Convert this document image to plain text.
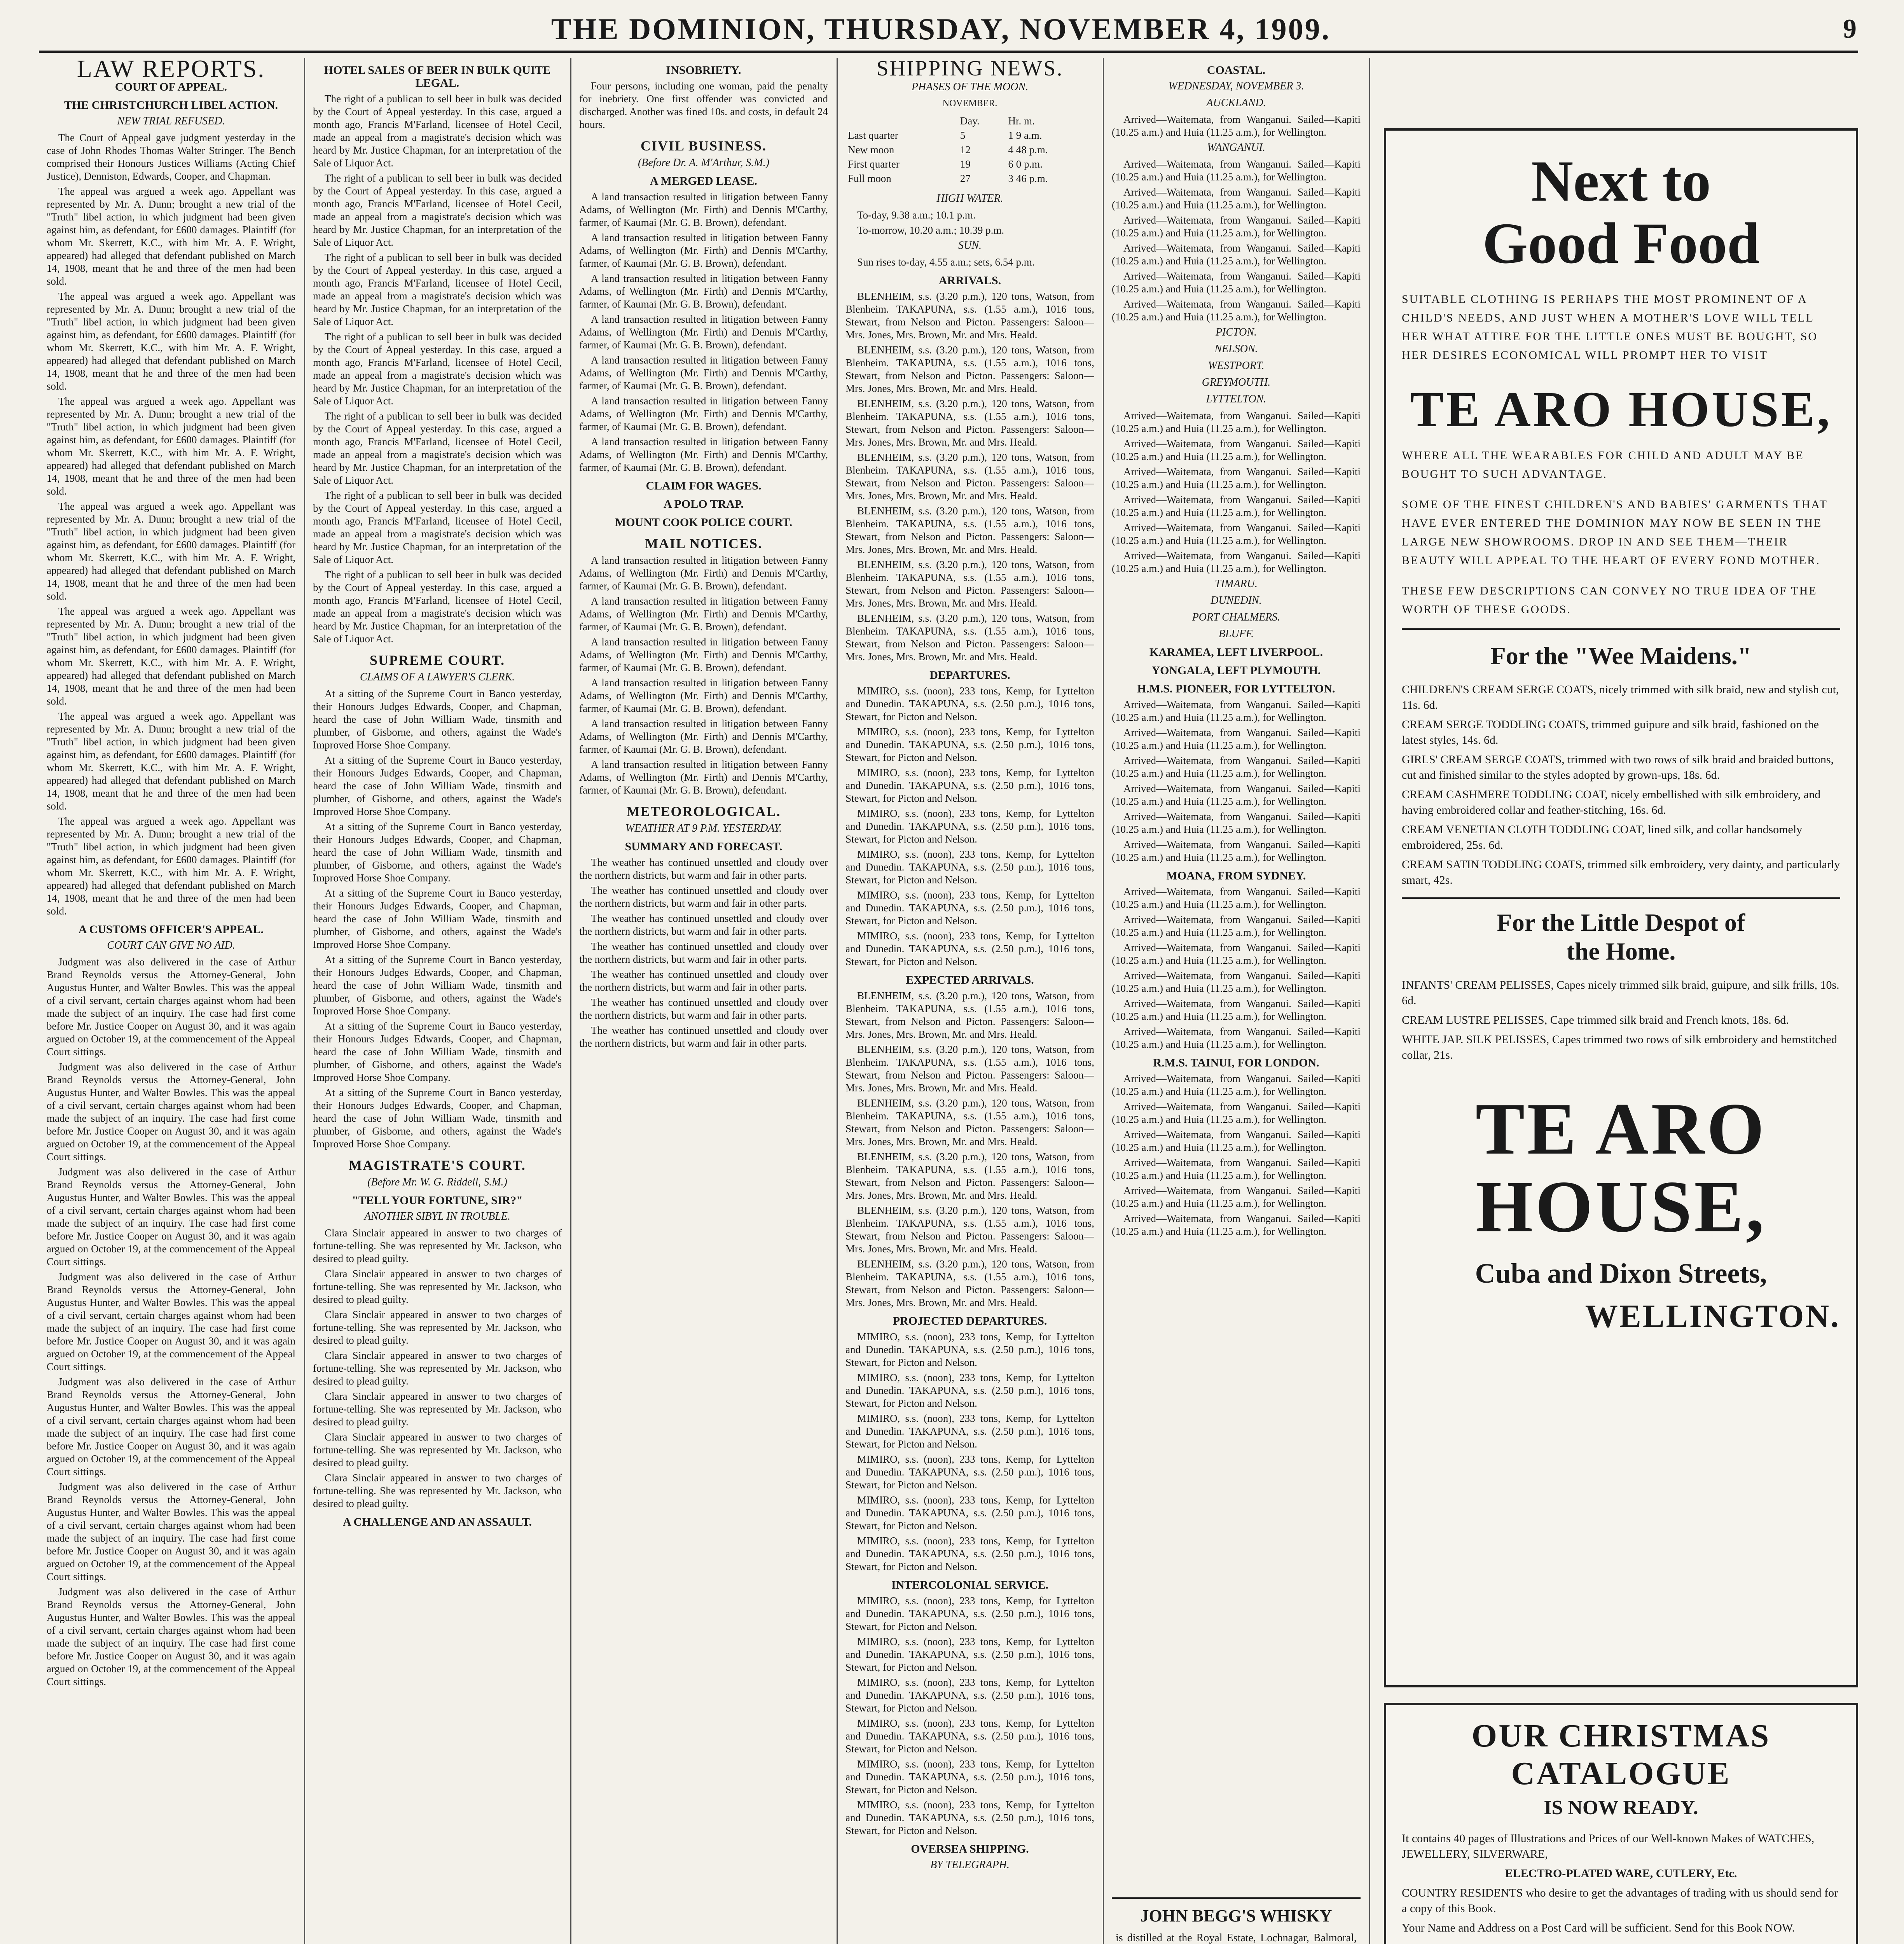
THE DOMINION, THURSDAY, NOVEMBER 4, 1909.	9
LAW REPORTS.
COURT OF APPEAL.
THE CHRISTCHURCH LIBEL ACTION.
NEW TRIAL REFUSED.

The Court of Appeal gave judgment yesterday in the case of John Rhodes Thomas Walter Stringer. The Bench comprised their Honours Justices Williams (Acting Chief Justice), Denniston, Edwards, Cooper, and Chapman.

The appeal was argued a week ago. Appellant was represented by Mr. A. Dunn; brought a new trial of the "Truth" libel action, in which judgment had been given against him, as defendant, for £600 damages. Plaintiff (for whom Mr. Skerrett, K.C., with him Mr. A. F. Wright, appeared) had alleged that defendant published on March 14, 1908, meant that he and three of the men had been sold.

The appeal was argued a week ago. Appellant was represented by Mr. A. Dunn; brought a new trial of the "Truth" libel action, in which judgment had been given against him, as defendant, for £600 damages. Plaintiff (for whom Mr. Skerrett, K.C., with him Mr. A. F. Wright, appeared) had alleged that defendant published on March 14, 1908, meant that he and three of the men had been sold.

The appeal was argued a week ago. Appellant was represented by Mr. A. Dunn; brought a new trial of the "Truth" libel action, in which judgment had been given against him, as defendant, for £600 damages. Plaintiff (for whom Mr. Skerrett, K.C., with him Mr. A. F. Wright, appeared) had alleged that defendant published on March 14, 1908, meant that he and three of the men had been sold.

The appeal was argued a week ago. Appellant was represented by Mr. A. Dunn; brought a new trial of the "Truth" libel action, in which judgment had been given against him, as defendant, for £600 damages. Plaintiff (for whom Mr. Skerrett, K.C., with him Mr. A. F. Wright, appeared) had alleged that defendant published on March 14, 1908, meant that he and three of the men had been sold.

The appeal was argued a week ago. Appellant was represented by Mr. A. Dunn; brought a new trial of the "Truth" libel action, in which judgment had been given against him, as defendant, for £600 damages. Plaintiff (for whom Mr. Skerrett, K.C., with him Mr. A. F. Wright, appeared) had alleged that defendant published on March 14, 1908, meant that he and three of the men had been sold.

The appeal was argued a week ago. Appellant was represented by Mr. A. Dunn; brought a new trial of the "Truth" libel action, in which judgment had been given against him, as defendant, for £600 damages. Plaintiff (for whom Mr. Skerrett, K.C., with him Mr. A. F. Wright, appeared) had alleged that defendant published on March 14, 1908, meant that he and three of the men had been sold.

The appeal was argued a week ago. Appellant was represented by Mr. A. Dunn; brought a new trial of the "Truth" libel action, in which judgment had been given against him, as defendant, for £600 damages. Plaintiff (for whom Mr. Skerrett, K.C., with him Mr. A. F. Wright, appeared) had alleged that defendant published on March 14, 1908, meant that he and three of the men had been sold.

A CUSTOMS OFFICER'S APPEAL.
COURT CAN GIVE NO AID.

Judgment was also delivered in the case of Arthur Brand Reynolds versus the Attorney-General, John Augustus Hunter, and Walter Bowles. This was the appeal of a civil servant, certain charges against whom had been made the subject of an inquiry. The case had first come before Mr. Justice Cooper on August 30, and it was again argued on October 19, at the commencement of the Appeal Court sittings.

Judgment was also delivered in the case of Arthur Brand Reynolds versus the Attorney-General, John Augustus Hunter, and Walter Bowles. This was the appeal of a civil servant, certain charges against whom had been made the subject of an inquiry. The case had first come before Mr. Justice Cooper on August 30, and it was again argued on October 19, at the commencement of the Appeal Court sittings.

Judgment was also delivered in the case of Arthur Brand Reynolds versus the Attorney-General, John Augustus Hunter, and Walter Bowles. This was the appeal of a civil servant, certain charges against whom had been made the subject of an inquiry. The case had first come before Mr. Justice Cooper on August 30, and it was again argued on October 19, at the commencement of the Appeal Court sittings.

Judgment was also delivered in the case of Arthur Brand Reynolds versus the Attorney-General, John Augustus Hunter, and Walter Bowles. This was the appeal of a civil servant, certain charges against whom had been made the subject of an inquiry. The case had first come before Mr. Justice Cooper on August 30, and it was again argued on October 19, at the commencement of the Appeal Court sittings.

Judgment was also delivered in the case of Arthur Brand Reynolds versus the Attorney-General, John Augustus Hunter, and Walter Bowles. This was the appeal of a civil servant, certain charges against whom had been made the subject of an inquiry. The case had first come before Mr. Justice Cooper on August 30, and it was again argued on October 19, at the commencement of the Appeal Court sittings.

Judgment was also delivered in the case of Arthur Brand Reynolds versus the Attorney-General, John Augustus Hunter, and Walter Bowles. This was the appeal of a civil servant, certain charges against whom had been made the subject of an inquiry. The case had first come before Mr. Justice Cooper on August 30, and it was again argued on October 19, at the commencement of the Appeal Court sittings.

Judgment was also delivered in the case of Arthur Brand Reynolds versus the Attorney-General, John Augustus Hunter, and Walter Bowles. This was the appeal of a civil servant, certain charges against whom had been made the subject of an inquiry. The case had first come before Mr. Justice Cooper on August 30, and it was again argued on October 19, at the commencement of the Appeal Court sittings.

HOTEL SALES OF BEER IN BULK QUITE LEGAL.

The right of a publican to sell beer in bulk was decided by the Court of Appeal yesterday. In this case, argued a month ago, Francis M'Farland, licensee of Hotel Cecil, made an appeal from a magistrate's decision which was heard by Mr. Justice Chapman, for an interpretation of the Sale of Liquor Act.

The right of a publican to sell beer in bulk was decided by the Court of Appeal yesterday. In this case, argued a month ago, Francis M'Farland, licensee of Hotel Cecil, made an appeal from a magistrate's decision which was heard by Mr. Justice Chapman, for an interpretation of the Sale of Liquor Act.

The right of a publican to sell beer in bulk was decided by the Court of Appeal yesterday. In this case, argued a month ago, Francis M'Farland, licensee of Hotel Cecil, made an appeal from a magistrate's decision which was heard by Mr. Justice Chapman, for an interpretation of the Sale of Liquor Act.

The right of a publican to sell beer in bulk was decided by the Court of Appeal yesterday. In this case, argued a month ago, Francis M'Farland, licensee of Hotel Cecil, made an appeal from a magistrate's decision which was heard by Mr. Justice Chapman, for an interpretation of the Sale of Liquor Act.

The right of a publican to sell beer in bulk was decided by the Court of Appeal yesterday. In this case, argued a month ago, Francis M'Farland, licensee of Hotel Cecil, made an appeal from a magistrate's decision which was heard by Mr. Justice Chapman, for an interpretation of the Sale of Liquor Act.

The right of a publican to sell beer in bulk was decided by the Court of Appeal yesterday. In this case, argued a month ago, Francis M'Farland, licensee of Hotel Cecil, made an appeal from a magistrate's decision which was heard by Mr. Justice Chapman, for an interpretation of the Sale of Liquor Act.

The right of a publican to sell beer in bulk was decided by the Court of Appeal yesterday. In this case, argued a month ago, Francis M'Farland, licensee of Hotel Cecil, made an appeal from a magistrate's decision which was heard by Mr. Justice Chapman, for an interpretation of the Sale of Liquor Act.

SUPREME COURT.
CLAIMS OF A LAWYER'S CLERK.

At a sitting of the Supreme Court in Banco yesterday, their Honours Judges Edwards, Cooper, and Chapman, heard the case of John William Wade, tinsmith and plumber, of Gisborne, and others, against the Wade's Improved Horse Shoe Company.

At a sitting of the Supreme Court in Banco yesterday, their Honours Judges Edwards, Cooper, and Chapman, heard the case of John William Wade, tinsmith and plumber, of Gisborne, and others, against the Wade's Improved Horse Shoe Company.

At a sitting of the Supreme Court in Banco yesterday, their Honours Judges Edwards, Cooper, and Chapman, heard the case of John William Wade, tinsmith and plumber, of Gisborne, and others, against the Wade's Improved Horse Shoe Company.

At a sitting of the Supreme Court in Banco yesterday, their Honours Judges Edwards, Cooper, and Chapman, heard the case of John William Wade, tinsmith and plumber, of Gisborne, and others, against the Wade's Improved Horse Shoe Company.

At a sitting of the Supreme Court in Banco yesterday, their Honours Judges Edwards, Cooper, and Chapman, heard the case of John William Wade, tinsmith and plumber, of Gisborne, and others, against the Wade's Improved Horse Shoe Company.

At a sitting of the Supreme Court in Banco yesterday, their Honours Judges Edwards, Cooper, and Chapman, heard the case of John William Wade, tinsmith and plumber, of Gisborne, and others, against the Wade's Improved Horse Shoe Company.

At a sitting of the Supreme Court in Banco yesterday, their Honours Judges Edwards, Cooper, and Chapman, heard the case of John William Wade, tinsmith and plumber, of Gisborne, and others, against the Wade's Improved Horse Shoe Company.

MAGISTRATE'S COURT.
(Before Mr. W. G. Riddell, S.M.)
"TELL YOUR FORTUNE, SIR?"
ANOTHER SIBYL IN TROUBLE.

Clara Sinclair appeared in answer to two charges of fortune-telling. She was represented by Mr. Jackson, who desired to plead guilty.

Clara Sinclair appeared in answer to two charges of fortune-telling. She was represented by Mr. Jackson, who desired to plead guilty.

Clara Sinclair appeared in answer to two charges of fortune-telling. She was represented by Mr. Jackson, who desired to plead guilty.

Clara Sinclair appeared in answer to two charges of fortune-telling. She was represented by Mr. Jackson, who desired to plead guilty.

Clara Sinclair appeared in answer to two charges of fortune-telling. She was represented by Mr. Jackson, who desired to plead guilty.

Clara Sinclair appeared in answer to two charges of fortune-telling. She was represented by Mr. Jackson, who desired to plead guilty.

Clara Sinclair appeared in answer to two charges of fortune-telling. She was represented by Mr. Jackson, who desired to plead guilty.

A CHALLENGE AND AN ASSAULT.
INSOBRIETY.

Four persons, including one woman, paid the penalty for inebriety. One first offender was convicted and discharged. Another was fined 10s. and costs, in default 24 hours.

CIVIL BUSINESS.
(Before Dr. A. M'Arthur, S.M.)
A MERGED LEASE.

A land transaction resulted in litigation between Fanny Adams, of Wellington (Mr. Firth) and Dennis M'Carthy, farmer, of Kaumai (Mr. G. B. Brown), defendant.

A land transaction resulted in litigation between Fanny Adams, of Wellington (Mr. Firth) and Dennis M'Carthy, farmer, of Kaumai (Mr. G. B. Brown), defendant.

A land transaction resulted in litigation between Fanny Adams, of Wellington (Mr. Firth) and Dennis M'Carthy, farmer, of Kaumai (Mr. G. B. Brown), defendant.

A land transaction resulted in litigation between Fanny Adams, of Wellington (Mr. Firth) and Dennis M'Carthy, farmer, of Kaumai (Mr. G. B. Brown), defendant.

A land transaction resulted in litigation between Fanny Adams, of Wellington (Mr. Firth) and Dennis M'Carthy, farmer, of Kaumai (Mr. G. B. Brown), defendant.

A land transaction resulted in litigation between Fanny Adams, of Wellington (Mr. Firth) and Dennis M'Carthy, farmer, of Kaumai (Mr. G. B. Brown), defendant.

A land transaction resulted in litigation between Fanny Adams, of Wellington (Mr. Firth) and Dennis M'Carthy, farmer, of Kaumai (Mr. G. B. Brown), defendant.

CLAIM FOR WAGES.
A POLO TRAP.
MOUNT COOK POLICE COURT.
MAIL NOTICES.

A land transaction resulted in litigation between Fanny Adams, of Wellington (Mr. Firth) and Dennis M'Carthy, farmer, of Kaumai (Mr. G. B. Brown), defendant.

A land transaction resulted in litigation between Fanny Adams, of Wellington (Mr. Firth) and Dennis M'Carthy, farmer, of Kaumai (Mr. G. B. Brown), defendant.

A land transaction resulted in litigation between Fanny Adams, of Wellington (Mr. Firth) and Dennis M'Carthy, farmer, of Kaumai (Mr. G. B. Brown), defendant.

A land transaction resulted in litigation between Fanny Adams, of Wellington (Mr. Firth) and Dennis M'Carthy, farmer, of Kaumai (Mr. G. B. Brown), defendant.

A land transaction resulted in litigation between Fanny Adams, of Wellington (Mr. Firth) and Dennis M'Carthy, farmer, of Kaumai (Mr. G. B. Brown), defendant.

A land transaction resulted in litigation between Fanny Adams, of Wellington (Mr. Firth) and Dennis M'Carthy, farmer, of Kaumai (Mr. G. B. Brown), defendant.

METEOROLOGICAL.
WEATHER AT 9 P.M. YESTERDAY.
SUMMARY AND FORECAST.

The weather has continued unsettled and cloudy over the northern districts, but warm and fair in other parts.

The weather has continued unsettled and cloudy over the northern districts, but warm and fair in other parts.

The weather has continued unsettled and cloudy over the northern districts, but warm and fair in other parts.

The weather has continued unsettled and cloudy over the northern districts, but warm and fair in other parts.

The weather has continued unsettled and cloudy over the northern districts, but warm and fair in other parts.

The weather has continued unsettled and cloudy over the northern districts, but warm and fair in other parts.

The weather has continued unsettled and cloudy over the northern districts, but warm and fair in other parts.

SHIPPING NEWS.
PHASES OF THE MOON.
NOVEMBER.
	Day.	Hr. m.
Last quarter	5	1 9 a.m.
New moon	12	4 48 p.m.
First quarter	19	6 0 p.m.
Full moon	27	3 46 p.m.
HIGH WATER.

To-day, 9.38 a.m.; 10.1 p.m.

To-morrow, 10.20 a.m.; 10.39 p.m.

SUN.

Sun rises to-day, 4.55 a.m.; sets, 6.54 p.m.

ARRIVALS.

BLENHEIM, s.s. (3.20 p.m.), 120 tons, Watson, from Blenheim. TAKAPUNA, s.s. (1.55 a.m.), 1016 tons, Stewart, from Nelson and Picton. Passengers: Saloon—Mrs. Jones, Mrs. Brown, Mr. and Mrs. Heald.

BLENHEIM, s.s. (3.20 p.m.), 120 tons, Watson, from Blenheim. TAKAPUNA, s.s. (1.55 a.m.), 1016 tons, Stewart, from Nelson and Picton. Passengers: Saloon—Mrs. Jones, Mrs. Brown, Mr. and Mrs. Heald.

BLENHEIM, s.s. (3.20 p.m.), 120 tons, Watson, from Blenheim. TAKAPUNA, s.s. (1.55 a.m.), 1016 tons, Stewart, from Nelson and Picton. Passengers: Saloon—Mrs. Jones, Mrs. Brown, Mr. and Mrs. Heald.

BLENHEIM, s.s. (3.20 p.m.), 120 tons, Watson, from Blenheim. TAKAPUNA, s.s. (1.55 a.m.), 1016 tons, Stewart, from Nelson and Picton. Passengers: Saloon—Mrs. Jones, Mrs. Brown, Mr. and Mrs. Heald.

BLENHEIM, s.s. (3.20 p.m.), 120 tons, Watson, from Blenheim. TAKAPUNA, s.s. (1.55 a.m.), 1016 tons, Stewart, from Nelson and Picton. Passengers: Saloon—Mrs. Jones, Mrs. Brown, Mr. and Mrs. Heald.

BLENHEIM, s.s. (3.20 p.m.), 120 tons, Watson, from Blenheim. TAKAPUNA, s.s. (1.55 a.m.), 1016 tons, Stewart, from Nelson and Picton. Passengers: Saloon—Mrs. Jones, Mrs. Brown, Mr. and Mrs. Heald.

BLENHEIM, s.s. (3.20 p.m.), 120 tons, Watson, from Blenheim. TAKAPUNA, s.s. (1.55 a.m.), 1016 tons, Stewart, from Nelson and Picton. Passengers: Saloon—Mrs. Jones, Mrs. Brown, Mr. and Mrs. Heald.

DEPARTURES.

MIMIRO, s.s. (noon), 233 tons, Kemp, for Lyttelton and Dunedin. TAKAPUNA, s.s. (2.50 p.m.), 1016 tons, Stewart, for Picton and Nelson.

MIMIRO, s.s. (noon), 233 tons, Kemp, for Lyttelton and Dunedin. TAKAPUNA, s.s. (2.50 p.m.), 1016 tons, Stewart, for Picton and Nelson.

MIMIRO, s.s. (noon), 233 tons, Kemp, for Lyttelton and Dunedin. TAKAPUNA, s.s. (2.50 p.m.), 1016 tons, Stewart, for Picton and Nelson.

MIMIRO, s.s. (noon), 233 tons, Kemp, for Lyttelton and Dunedin. TAKAPUNA, s.s. (2.50 p.m.), 1016 tons, Stewart, for Picton and Nelson.

MIMIRO, s.s. (noon), 233 tons, Kemp, for Lyttelton and Dunedin. TAKAPUNA, s.s. (2.50 p.m.), 1016 tons, Stewart, for Picton and Nelson.

MIMIRO, s.s. (noon), 233 tons, Kemp, for Lyttelton and Dunedin. TAKAPUNA, s.s. (2.50 p.m.), 1016 tons, Stewart, for Picton and Nelson.

MIMIRO, s.s. (noon), 233 tons, Kemp, for Lyttelton and Dunedin. TAKAPUNA, s.s. (2.50 p.m.), 1016 tons, Stewart, for Picton and Nelson.

EXPECTED ARRIVALS.

BLENHEIM, s.s. (3.20 p.m.), 120 tons, Watson, from Blenheim. TAKAPUNA, s.s. (1.55 a.m.), 1016 tons, Stewart, from Nelson and Picton. Passengers: Saloon—Mrs. Jones, Mrs. Brown, Mr. and Mrs. Heald.

BLENHEIM, s.s. (3.20 p.m.), 120 tons, Watson, from Blenheim. TAKAPUNA, s.s. (1.55 a.m.), 1016 tons, Stewart, from Nelson and Picton. Passengers: Saloon—Mrs. Jones, Mrs. Brown, Mr. and Mrs. Heald.

BLENHEIM, s.s. (3.20 p.m.), 120 tons, Watson, from Blenheim. TAKAPUNA, s.s. (1.55 a.m.), 1016 tons, Stewart, from Nelson and Picton. Passengers: Saloon—Mrs. Jones, Mrs. Brown, Mr. and Mrs. Heald.

BLENHEIM, s.s. (3.20 p.m.), 120 tons, Watson, from Blenheim. TAKAPUNA, s.s. (1.55 a.m.), 1016 tons, Stewart, from Nelson and Picton. Passengers: Saloon—Mrs. Jones, Mrs. Brown, Mr. and Mrs. Heald.

BLENHEIM, s.s. (3.20 p.m.), 120 tons, Watson, from Blenheim. TAKAPUNA, s.s. (1.55 a.m.), 1016 tons, Stewart, from Nelson and Picton. Passengers: Saloon—Mrs. Jones, Mrs. Brown, Mr. and Mrs. Heald.

BLENHEIM, s.s. (3.20 p.m.), 120 tons, Watson, from Blenheim. TAKAPUNA, s.s. (1.55 a.m.), 1016 tons, Stewart, from Nelson and Picton. Passengers: Saloon—Mrs. Jones, Mrs. Brown, Mr. and Mrs. Heald.

PROJECTED DEPARTURES.

MIMIRO, s.s. (noon), 233 tons, Kemp, for Lyttelton and Dunedin. TAKAPUNA, s.s. (2.50 p.m.), 1016 tons, Stewart, for Picton and Nelson.

MIMIRO, s.s. (noon), 233 tons, Kemp, for Lyttelton and Dunedin. TAKAPUNA, s.s. (2.50 p.m.), 1016 tons, Stewart, for Picton and Nelson.

MIMIRO, s.s. (noon), 233 tons, Kemp, for Lyttelton and Dunedin. TAKAPUNA, s.s. (2.50 p.m.), 1016 tons, Stewart, for Picton and Nelson.

MIMIRO, s.s. (noon), 233 tons, Kemp, for Lyttelton and Dunedin. TAKAPUNA, s.s. (2.50 p.m.), 1016 tons, Stewart, for Picton and Nelson.

MIMIRO, s.s. (noon), 233 tons, Kemp, for Lyttelton and Dunedin. TAKAPUNA, s.s. (2.50 p.m.), 1016 tons, Stewart, for Picton and Nelson.

MIMIRO, s.s. (noon), 233 tons, Kemp, for Lyttelton and Dunedin. TAKAPUNA, s.s. (2.50 p.m.), 1016 tons, Stewart, for Picton and Nelson.

INTERCOLONIAL SERVICE.

MIMIRO, s.s. (noon), 233 tons, Kemp, for Lyttelton and Dunedin. TAKAPUNA, s.s. (2.50 p.m.), 1016 tons, Stewart, for Picton and Nelson.

MIMIRO, s.s. (noon), 233 tons, Kemp, for Lyttelton and Dunedin. TAKAPUNA, s.s. (2.50 p.m.), 1016 tons, Stewart, for Picton and Nelson.

MIMIRO, s.s. (noon), 233 tons, Kemp, for Lyttelton and Dunedin. TAKAPUNA, s.s. (2.50 p.m.), 1016 tons, Stewart, for Picton and Nelson.

MIMIRO, s.s. (noon), 233 tons, Kemp, for Lyttelton and Dunedin. TAKAPUNA, s.s. (2.50 p.m.), 1016 tons, Stewart, for Picton and Nelson.

MIMIRO, s.s. (noon), 233 tons, Kemp, for Lyttelton and Dunedin. TAKAPUNA, s.s. (2.50 p.m.), 1016 tons, Stewart, for Picton and Nelson.

MIMIRO, s.s. (noon), 233 tons, Kemp, for Lyttelton and Dunedin. TAKAPUNA, s.s. (2.50 p.m.), 1016 tons, Stewart, for Picton and Nelson.

OVERSEA SHIPPING.
BY TELEGRAPH.
COASTAL.
WEDNESDAY, NOVEMBER 3.
AUCKLAND.

Arrived—Waitemata, from Wanganui. Sailed—Kapiti (10.25 a.m.) and Huia (11.25 a.m.), for Wellington.

WANGANUI.

Arrived—Waitemata, from Wanganui. Sailed—Kapiti (10.25 a.m.) and Huia (11.25 a.m.), for Wellington.

Arrived—Waitemata, from Wanganui. Sailed—Kapiti (10.25 a.m.) and Huia (11.25 a.m.), for Wellington.

Arrived—Waitemata, from Wanganui. Sailed—Kapiti (10.25 a.m.) and Huia (11.25 a.m.), for Wellington.

Arrived—Waitemata, from Wanganui. Sailed—Kapiti (10.25 a.m.) and Huia (11.25 a.m.), for Wellington.

Arrived—Waitemata, from Wanganui. Sailed—Kapiti (10.25 a.m.) and Huia (11.25 a.m.), for Wellington.

Arrived—Waitemata, from Wanganui. Sailed—Kapiti (10.25 a.m.) and Huia (11.25 a.m.), for Wellington.

PICTON.
NELSON.
WESTPORT.
GREYMOUTH.
LYTTELTON.

Arrived—Waitemata, from Wanganui. Sailed—Kapiti (10.25 a.m.) and Huia (11.25 a.m.), for Wellington.

Arrived—Waitemata, from Wanganui. Sailed—Kapiti (10.25 a.m.) and Huia (11.25 a.m.), for Wellington.

Arrived—Waitemata, from Wanganui. Sailed—Kapiti (10.25 a.m.) and Huia (11.25 a.m.), for Wellington.

Arrived—Waitemata, from Wanganui. Sailed—Kapiti (10.25 a.m.) and Huia (11.25 a.m.), for Wellington.

Arrived—Waitemata, from Wanganui. Sailed—Kapiti (10.25 a.m.) and Huia (11.25 a.m.), for Wellington.

Arrived—Waitemata, from Wanganui. Sailed—Kapiti (10.25 a.m.) and Huia (11.25 a.m.), for Wellington.

TIMARU.
DUNEDIN.
PORT CHALMERS.
BLUFF.
KARAMEA, LEFT LIVERPOOL.
YONGALA, LEFT PLYMOUTH.
H.M.S. PIONEER, FOR LYTTELTON.

Arrived—Waitemata, from Wanganui. Sailed—Kapiti (10.25 a.m.) and Huia (11.25 a.m.), for Wellington.

Arrived—Waitemata, from Wanganui. Sailed—Kapiti (10.25 a.m.) and Huia (11.25 a.m.), for Wellington.

Arrived—Waitemata, from Wanganui. Sailed—Kapiti (10.25 a.m.) and Huia (11.25 a.m.), for Wellington.

Arrived—Waitemata, from Wanganui. Sailed—Kapiti (10.25 a.m.) and Huia (11.25 a.m.), for Wellington.

Arrived—Waitemata, from Wanganui. Sailed—Kapiti (10.25 a.m.) and Huia (11.25 a.m.), for Wellington.

Arrived—Waitemata, from Wanganui. Sailed—Kapiti (10.25 a.m.) and Huia (11.25 a.m.), for Wellington.

MOANA, FROM SYDNEY.

Arrived—Waitemata, from Wanganui. Sailed—Kapiti (10.25 a.m.) and Huia (11.25 a.m.), for Wellington.

Arrived—Waitemata, from Wanganui. Sailed—Kapiti (10.25 a.m.) and Huia (11.25 a.m.), for Wellington.

Arrived—Waitemata, from Wanganui. Sailed—Kapiti (10.25 a.m.) and Huia (11.25 a.m.), for Wellington.

Arrived—Waitemata, from Wanganui. Sailed—Kapiti (10.25 a.m.) and Huia (11.25 a.m.), for Wellington.

Arrived—Waitemata, from Wanganui. Sailed—Kapiti (10.25 a.m.) and Huia (11.25 a.m.), for Wellington.

Arrived—Waitemata, from Wanganui. Sailed—Kapiti (10.25 a.m.) and Huia (11.25 a.m.), for Wellington.

R.M.S. TAINUI, FOR LONDON.

Arrived—Waitemata, from Wanganui. Sailed—Kapiti (10.25 a.m.) and Huia (11.25 a.m.), for Wellington.

Arrived—Waitemata, from Wanganui. Sailed—Kapiti (10.25 a.m.) and Huia (11.25 a.m.), for Wellington.

Arrived—Waitemata, from Wanganui. Sailed—Kapiti (10.25 a.m.) and Huia (11.25 a.m.), for Wellington.

Arrived—Waitemata, from Wanganui. Sailed—Kapiti (10.25 a.m.) and Huia (11.25 a.m.), for Wellington.

Arrived—Waitemata, from Wanganui. Sailed—Kapiti (10.25 a.m.) and Huia (11.25 a.m.), for Wellington.

Arrived—Waitemata, from Wanganui. Sailed—Kapiti (10.25 a.m.) and Huia (11.25 a.m.), for Wellington.

JOHN BEGG'S WHISKY
is distilled at the Royal Estate, Lochnagar, Balmoral,
Next to
Good Food

SUITABLE CLOTHING IS PERHAPS THE MOST PROMINENT OF A CHILD'S NEEDS, AND JUST WHEN A MOTHER'S LOVE WILL TELL HER WHAT ATTIRE FOR THE LITTLE ONES MUST BE BOUGHT, SO HER DESIRES ECONOMICAL WILL PROMPT HER TO VISIT

TE ARO HOUSE,

WHERE ALL THE WEARABLES FOR CHILD AND ADULT MAY BE BOUGHT TO SUCH ADVANTAGE.

SOME OF THE FINEST CHILDREN'S AND BABIES' GARMENTS THAT HAVE EVER ENTERED THE DOMINION MAY NOW BE SEEN IN THE LARGE NEW SHOWROOMS. DROP IN AND SEE THEM—THEIR BEAUTY WILL APPEAL TO THE HEART OF EVERY FOND MOTHER.

THESE FEW DESCRIPTIONS CAN CONVEY NO TRUE IDEA OF THE WORTH OF THESE GOODS.

For the "Wee Maidens."

CHILDREN'S CREAM SERGE COATS, nicely trimmed with silk braid, new and stylish cut, 11s. 6d.

CREAM SERGE TODDLING COATS, trimmed guipure and silk braid, fashioned on the latest styles, 14s. 6d.

GIRLS' CREAM SERGE COATS, trimmed with two rows of silk braid and braided buttons, cut and finished similar to the styles adopted by grown-ups, 18s. 6d.

CREAM CASHMERE TODDLING COAT, nicely embellished with silk embroidery, and having embroidered collar and feather-stitching, 16s. 6d.

CREAM VENETIAN CLOTH TODDLING COAT, lined silk, and collar handsomely embroidered, 25s. 6d.

CREAM SATIN TODDLING COATS, trimmed silk embroidery, very dainty, and particularly smart, 42s.

For the Little Despot of
the Home.

INFANTS' CREAM PELISSES, Capes nicely trimmed silk braid, guipure, and silk frills, 10s. 6d.

CREAM LUSTRE PELISSES, Cape trimmed silk braid and French knots, 18s. 6d.

WHITE JAP. SILK PELISSES, Capes trimmed two rows of silk embroidery and hemstitched collar, 21s.

TE ARO HOUSE,
Cuba and Dixon Streets,
WELLINGTON.
OUR CHRISTMAS CATALOGUE
IS NOW READY.

It contains 40 pages of Illustrations and Prices of our Well-known Makes of WATCHES, JEWELLERY, SILVERWARE,

ELECTRO-PLATED WARE, CUTLERY, Etc.

COUNTRY RESIDENTS who desire to get the advantages of trading with us should send for a copy of this Book.

Your Name and Address on a Post Card will be sufficient. Send for this Book NOW.
